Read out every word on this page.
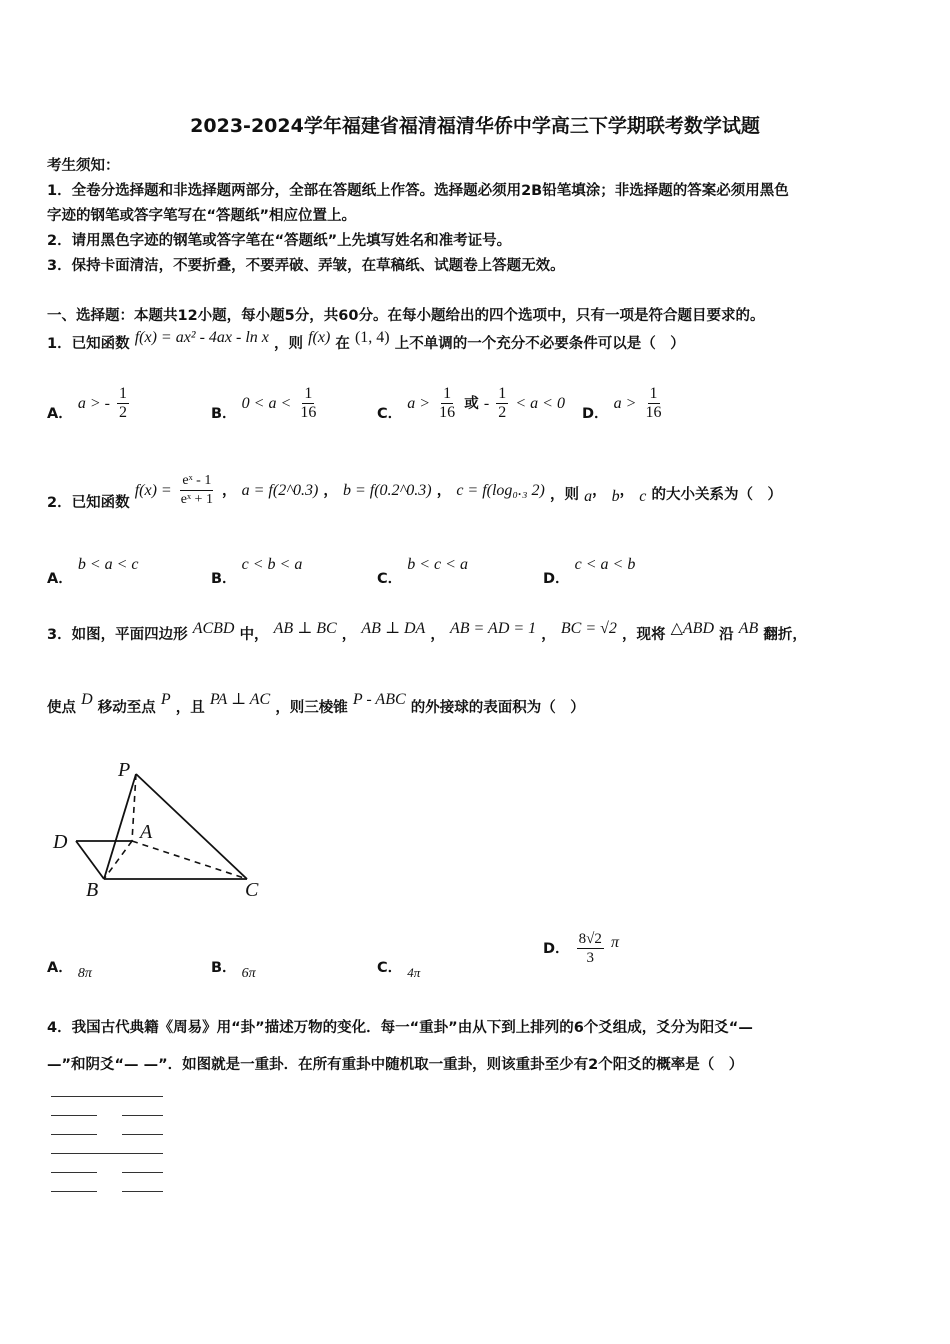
2023-2024学年福建省福清福清华侨中学高三下学期联考数学试题
考生须知：
1．全卷分选择题和非选择题两部分，全部在答题纸上作答。选择题必须用2B铅笔填涂；非选择题的答案必须用黑色
字迹的钢笔或答字笔写在“答题纸”相应位置上。
2．请用黑色字迹的钢笔或答字笔在“答题纸”上先填写姓名和准考证号。
3．保持卡面清洁，不要折叠，不要弄破、弄皱，在草稿纸、试题卷上答题无效。
一、选择题：本题共12小题，每小题5分，共60分。在每小题给出的四个选项中，只有一项是符合题目要求的。
1．已知函数 f(x) = ax² - 4ax - ln x ，则 f(x) 在 (1, 4) 上不单调的一个充分不必要条件可以是（　）
A． a > - $\frac{1}{2}$	B． $0 < a < \frac{1}{16}$	C． $a > \frac{1}{16}$ 或 - $\frac{1}{2} < a < 0$
D． $a > \frac{1}{16}$
2．已知函数 $f(x) = \frac{\text{eˣ - 1}}{\text{eˣ + 1}}$ ， a = f(2^0.3) ， b = f(0.2^0.3) ， c = f(log₀.₃ 2) ，则 a， b， c 的大小关系为（　）
A． b < a < c
B． c < b < a
C． b < c < a
D． c < a < b
3．如图，平面四边形 ACBD 中， AB ⊥ BC ， AB ⊥ DA ， AB = AD = 1 ， BC = √2 ，现将 △ABD 沿 AB 翻折，
使点 D 移动至点 P ，且 PA ⊥ AC ，则三棱锥 P - ABC 的外接球的表面积为（　）
P
A
D
B	C
A． 8π	B． 6π	C． $_{4\pi}$
D． $\frac{8√2}{3}$ π
4．我国古代典籍《周易》用“卦”描述万物的变化．每一“重卦”由从下到上排列的6个爻组成，爻分为阳爻“—
—”和阴爻“— —”．如图就是一重卦．在所有重卦中随机取一重卦，则该重卦至少有2个阳爻的概率是（　）
